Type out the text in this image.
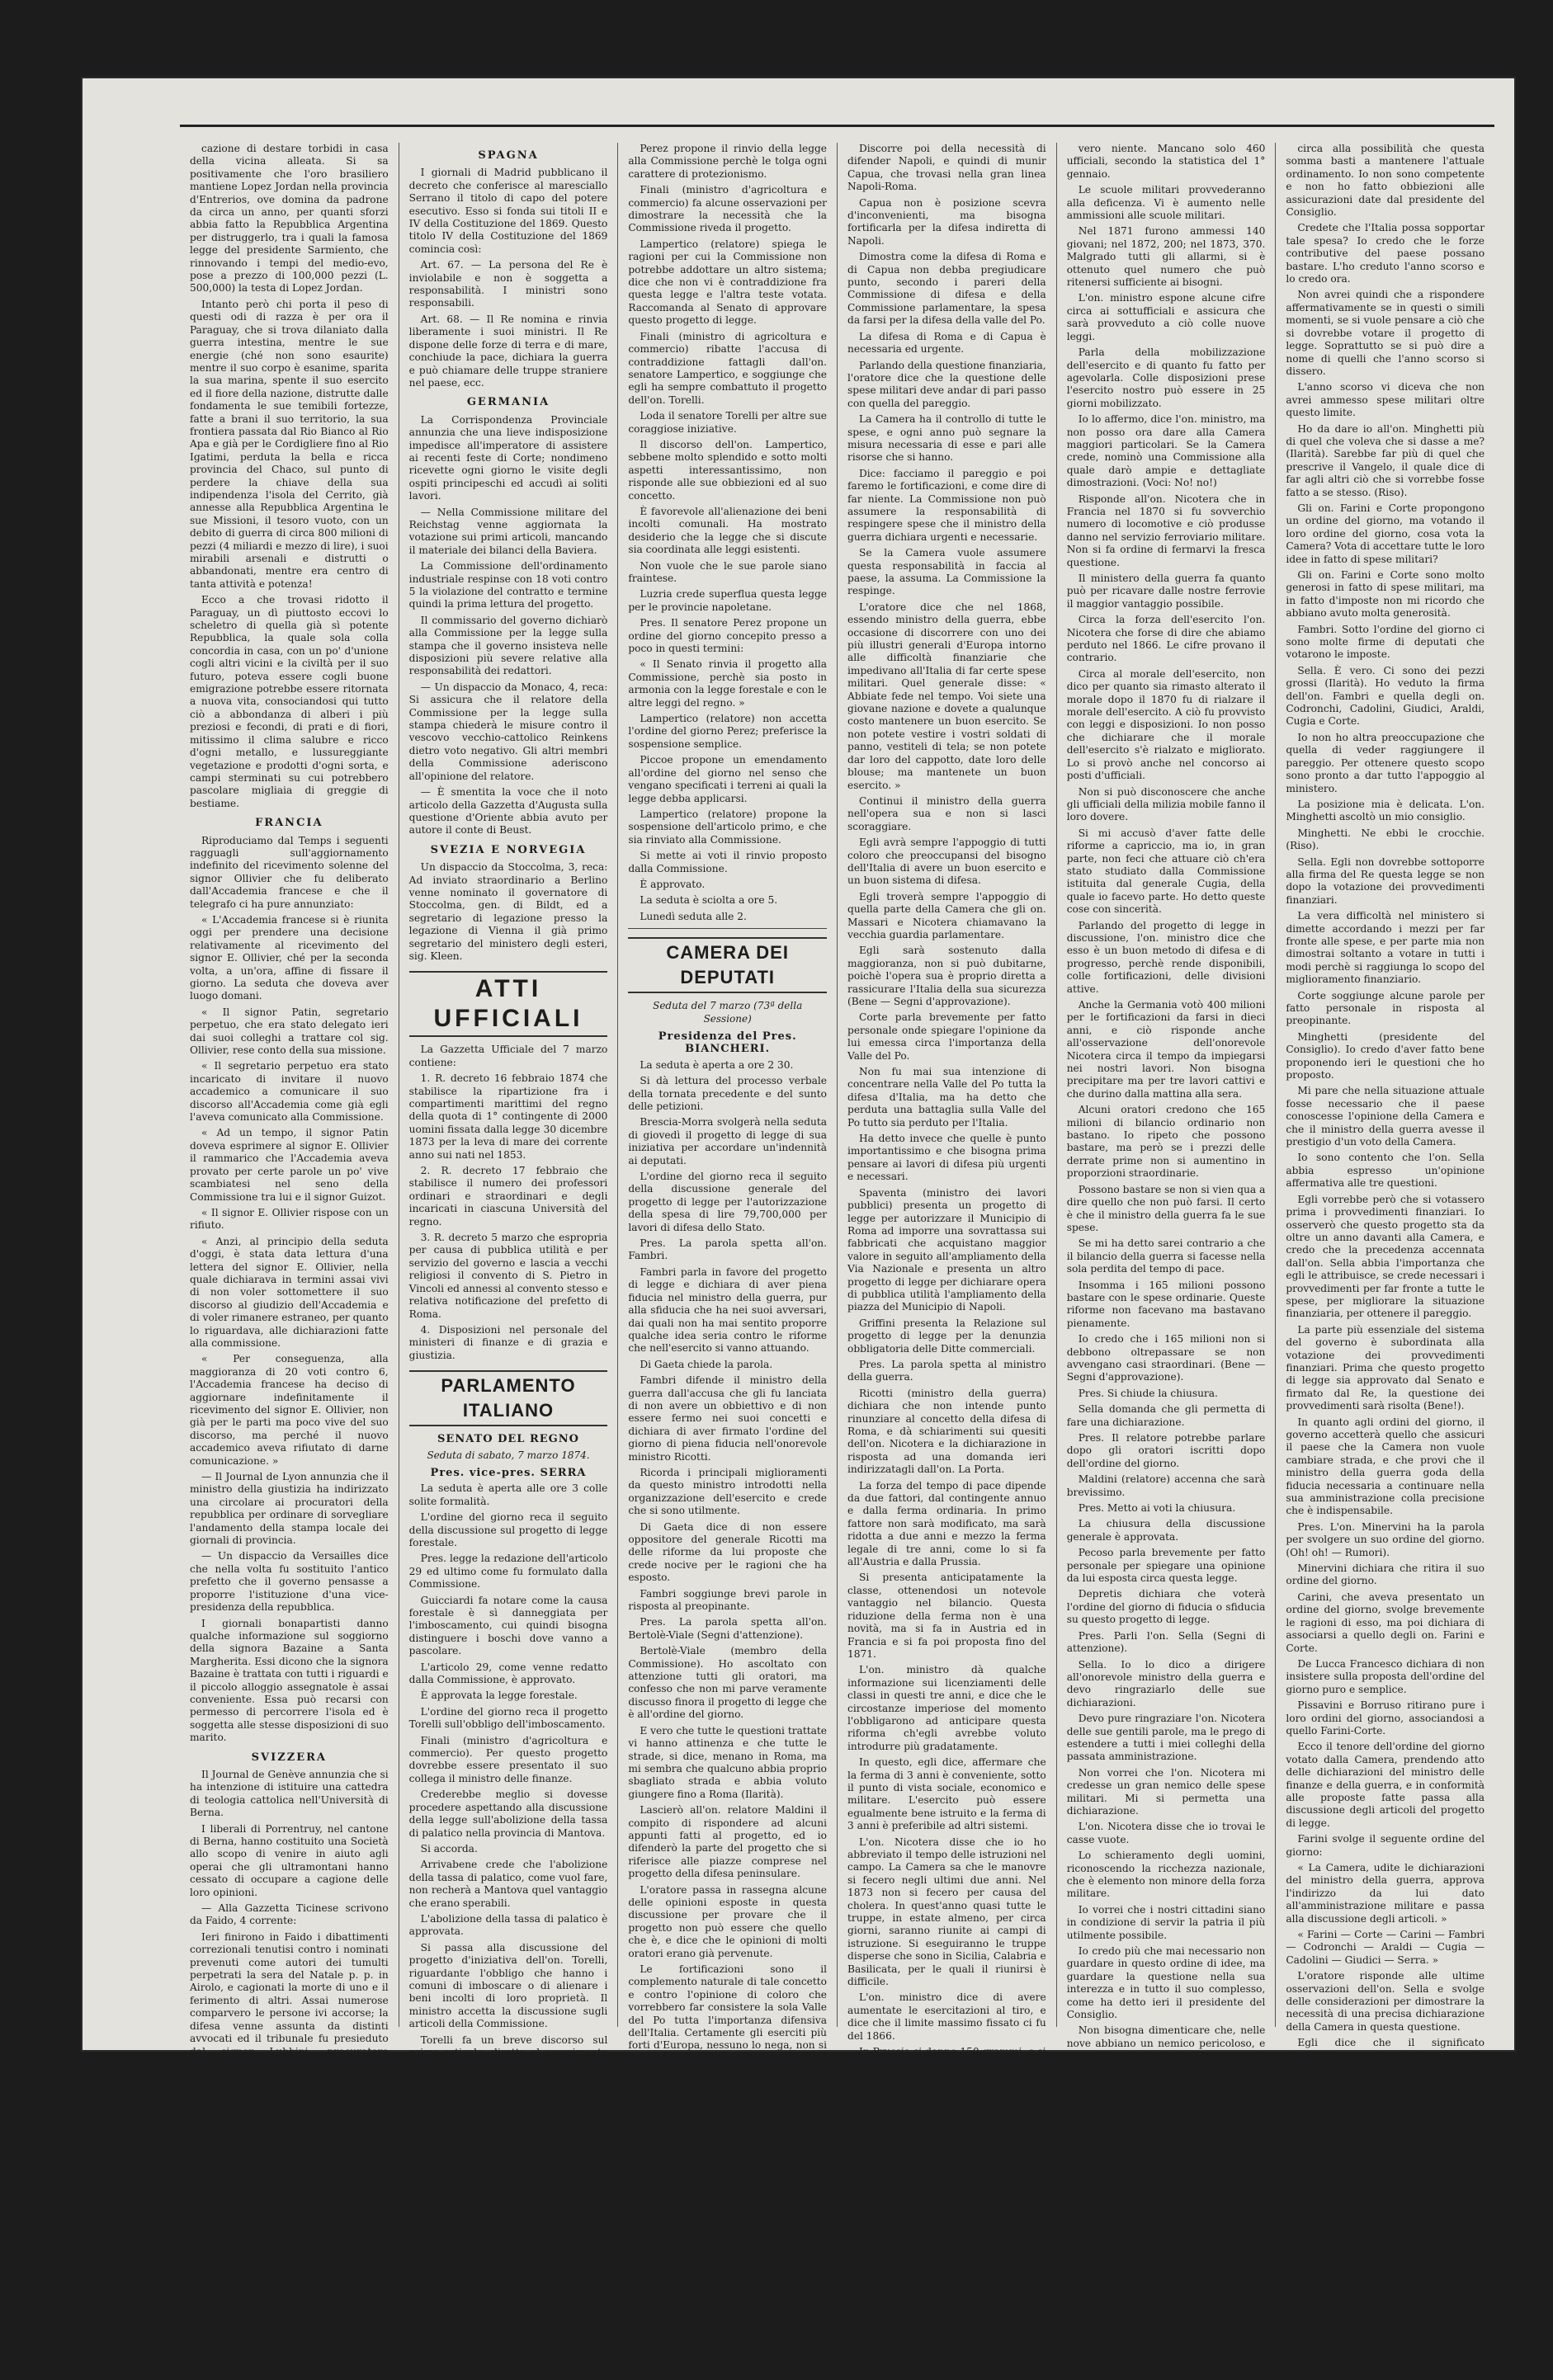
cazione di destare torbidi in casa della vicina alleata. Si sa positivamente che l'oro brasiliero mantiene Lopez Jordan nella provincia d'Entrerios, ove domina da padrone da circa un anno, per quanti sforzi abbia fatto la Repubblica Argentina per distruggerlo, tra i quali la famosa legge del presidente Sarmiento, che rinnovando i tempi del medio-evo, pose a prezzo di 100,000 pezzi (L. 500,000) la testa di Lopez Jordan.

Intanto però chi porta il peso di questi odi di razza è per ora il Paraguay, che si trova dilaniato dalla guerra intestina, mentre le sue energie (ché non sono esaurite) mentre il suo corpo è esanime, sparita la sua marina, spente il suo esercito ed il fiore della nazione, distrutte dalle fondamenta le sue temibili fortezze, fatte a brani il suo territorio, la sua frontiera passata dal Rio Bianco al Rio Apa e già per le Cordigliere fino al Rio Igatimi, perduta la bella e ricca provincia del Chaco, sul punto di perdere la chiave della sua indipendenza l'isola del Cerrito, già annesse alla Repubblica Argentina le sue Missioni, il tesoro vuoto, con un debito di guerra di circa 800 milioni di pezzi (4 miliardi e mezzo di lire), i suoi mirabili arsenali e distrutti o abbandonati, mentre era centro di tanta attività e potenza!

Ecco a che trovasi ridotto il Paraguay, un dì piuttosto eccovi lo scheletro di quella già sì potente Repubblica, la quale sola colla concordia in casa, con un po' d'unione cogli altri vicini e la civiltà per il suo futuro, poteva essere cogli buone emigrazione potrebbe essere ritornata a nuova vita, consociandosi qui tutto ciò a abbondanza di alberi i più preziosi e fecondi, di prati e di fiori, mitissimo il clima salubre e ricco d'ogni metallo, e lussureggiante vegetazione e prodotti d'ogni sorta, e campi sterminati su cui potrebbero pascolare migliaia di greggie di bestiame.

FRANCIA

Riproduciamo dal Temps i seguenti ragguagli sull'aggiornamento indefinito del ricevimento solenne del signor Ollivier che fu deliberato dall'Accademia francese e che il telegrafo ci ha pure annunziato:

« L'Accademia francese si è riunita oggi per prendere una decisione relativamente al ricevimento del signor E. Ollivier, ché per la seconda volta, a un'ora, affine di fissare il giorno. La seduta che doveva aver luogo domani.

« Il signor Patin, segretario perpetuo, che era stato delegato ieri dai suoi colleghi a trattare col sig. Ollivier, rese conto della sua missione.

« Il segretario perpetuo era stato incaricato di invitare il nuovo accademico a comunicare il suo discorso all'Accademia come già egli l'aveva comunicato alla Commissione.

« Ad un tempo, il signor Patin doveva esprimere al signor E. Ollivier il rammarico che l'Accademia aveva provato per certe parole un po' vive scambiatesi nel seno della Commissione tra lui e il signor Guizot.

« Il signor E. Ollivier rispose con un rifiuto.

« Anzi, al principio della seduta d'oggi, è stata data lettura d'una lettera del signor E. Ollivier, nella quale dichiarava in termini assai vivi di non voler sottomettere il suo discorso al giudizio dell'Accademia e di voler rimanere estraneo, per quanto lo riguardava, alle dichiarazioni fatte alla commissione.

« Per conseguenza, alla maggioranza di 20 voti contro 6, l'Accademia francese ha deciso di aggiornare indefinitamente il ricevimento del signor E. Ollivier, non già per le parti ma poco vive del suo discorso, ma perché il nuovo accademico aveva rifiutato di darne comunicazione. »

— Il Journal de Lyon annunzia che il ministro della giustizia ha indirizzato una circolare ai procuratori della repubblica per ordinare di sorvegliare l'andamento della stampa locale dei giornali di provincia.

— Un dispaccio da Versailles dice che nella volta fu sostituito l'antico prefetto che il governo pensasse a proporre l'istituzione d'una vice-presidenza della repubblica.

I giornali bonapartisti danno qualche informazione sul soggiorno della signora Bazaine a Santa Margherita. Essi dicono che la signora Bazaine è trattata con tutti i riguardi e il piccolo alloggio assegnatole è assai conveniente. Essa può recarsi con permesso di percorrere l'isola ed è soggetta alle stesse disposizioni di suo marito.

SVIZZERA

Il Journal de Genève annunzia che si ha intenzione di istituire una cattedra di teologia cattolica nell'Università di Berna.

I liberali di Porrentruy, nel cantone di Berna, hanno costituito una Società allo scopo di venire in aiuto agli operai che gli ultramontani hanno cessato di occupare a cagione delle loro opinioni.

— Alla Gazzetta Ticinese scrivono da Faido, 4 corrente:

Ieri finirono in Faido i dibattimenti correzionali tenutisi contro i nominati prevenuti come autori dei tumulti perpetrati la sera del Natale p. p. in Airolo, e cagionati la morte di uno e il ferimento di altri. Assai numerose comparvero le persone ivi accorse; la difesa venne assunta da distinti avvocati ed il tribunale fu presieduto dal signor Lubbini, procuratore pubblico sostituto, e Cattaneo.

SPAGNA

I giornali di Madrid pubblicano il decreto che conferisce al maresciallo Serrano il titolo di capo del potere esecutivo. Esso si fonda sui titoli II e IV della Costituzione del 1869. Questo titolo IV della Costituzione del 1869 comincia così:

Art. 67. — La persona del Re è inviolabile e non è soggetta a responsabilità. I ministri sono responsabili.

Art. 68. — Il Re nomina e rinvia liberamente i suoi ministri. Il Re dispone delle forze di terra e di mare, conchiude la pace, dichiara la guerra e può chiamare delle truppe straniere nel paese, ecc.

GERMANIA

La Corrispondenza Provinciale annunzia che una lieve indisposizione impedisce all'imperatore di assistere ai recenti feste di Corte; nondimeno ricevette ogni giorno le visite degli ospiti principeschi ed accudì ai soliti lavori.

— Nella Commissione militare del Reichstag venne aggiornata la votazione sui primi articoli, mancando il materiale dei bilanci della Baviera.

La Commissione dell'ordinamento industriale respinse con 18 voti contro 5 la violazione del contratto e termine quindi la prima lettura del progetto.

Il commissario del governo dichiarò alla Commissione per la legge sulla stampa che il governo insisteva nelle disposizioni più severe relative alla responsabilità dei redattori.

— Un dispaccio da Monaco, 4, reca: Si assicura che il relatore della Commissione per la legge sulla stampa chiederà le misure contro il vescovo vecchio-cattolico Reinkens dietro voto negativo. Gli altri membri della Commissione aderiscono all'opinione del relatore.

— È smentita la voce che il noto articolo della Gazzetta d'Augusta sulla questione d'Oriente abbia avuto per autore il conte di Beust.

SVEZIA E NORVEGIA

Un dispaccio da Stoccolma, 3, reca: Ad inviato straordinario a Berlino venne nominato il governatore di Stoccolma, gen. di Bildt, ed a segretario di legazione presso la legazione di Vienna il già primo segretario del ministero degli esteri, sig. Kleen.

ATTI UFFICIALI

La Gazzetta Ufficiale del 7 marzo contiene:

1. R. decreto 16 febbraio 1874 che stabilisce la ripartizione fra i compartimenti marittimi del regno della quota di 1° contingente di 2000 uomini fissata dalla legge 30 dicembre 1873 per la leva di mare dei corrente anno sui nati nel 1853.

2. R. decreto 17 febbraio che stabilisce il numero dei professori ordinari e straordinari e degli incaricati in ciascuna Università del regno.

3. R. decreto 5 marzo che espropria per causa di pubblica utilità e per servizio del governo e lascia a vecchi religiosi il convento di S. Pietro in Vincoli ed annessi al convento stesso e relativa notificazione del prefetto di Roma.

4. Disposizioni nel personale del ministeri di finanze e di grazia e giustizia.

PARLAMENTO ITALIANO
SENATO DEL REGNO
Seduta di sabato, 7 marzo 1874.
Pres. vice-pres. SERRA

La seduta è aperta alle ore 3 colle solite formalità.

L'ordine del giorno reca il seguito della discussione sul progetto di legge forestale.

Pres. legge la redazione dell'articolo 29 ed ultimo come fu formulato dalla Commissione.

Guicciardi fa notare come la causa forestale è sì danneggiata per l'imboscamento, cui quindi bisogna distinguere i boschi dove vanno a pascolare.

L'articolo 29, come venne redatto dalla Commissione, è approvato.

È approvata la legge forestale.

L'ordine del giorno reca il progetto Torelli sull'obbligo dell'imboscamento.

Finali (ministro d'agricoltura e commercio). Per questo progetto dovrebbe essere presentato il suo collega il ministro delle finanze.

Crederebbe meglio si dovesse procedere aspettando alla discussione della legge sull'abolizione della tassa di palatico nella provincia di Mantova.

Si accorda.

Arrivabene crede che l'abolizione della tassa di palatico, come vuol fare, non recherà a Mantova quel vantaggio che erano sperabili.

L'abolizione della tassa di palatico è approvata.

Si passa alla discussione del progetto d'iniziativa dell'on. Torelli, riguardante l'obbligo che hanno i comuni di imboscare o di alienare i beni incolti di loro proprietà. Il ministro accetta la discussione sugli articoli della Commissione.

Torelli fa un breve discorso sul primo articolo, diretto al compimento dell'imboscare.

Lampertico (relatore). I comuni, riguardo ai loro beni, hanno una legge che dice; questi beni sono incolti per tre quarti; per le varie coltivazioni per vendere i più utili.

Perez desidera che in questo articolo venisse richiamata la legge forestale teste approvata, onde si mostri la necessità della limitazione della proprietà, se per l'oratore, per impedire le inondazioni, ma non si dovranno esse legare i comuni che non abbiano voluto la coltura, ne la qualità della coltura.

Torelli combatte l'asserzione di Perez che in ciò non si tratti della coltura.

Perez propone il rinvio della legge alla Commissione perchè le tolga ogni carattere di protezionismo.

Finali (ministro d'agricoltura e commercio) fa alcune osservazioni per dimostrare la necessità che la Commissione riveda il progetto.

Lampertico (relatore) spiega le ragioni per cui la Commissione non potrebbe addottare un altro sistema; dice che non vi è contraddizione fra questa legge e l'altra teste votata. Raccomanda al Senato di approvare questo progetto di legge.

Finali (ministro di agricoltura e commercio) ribatte l'accusa di contraddizione fattagli dall'on. senatore Lampertico, e soggiunge che egli ha sempre combattuto il progetto dell'on. Torelli.

Loda il senatore Torelli per altre sue coraggiose iniziative.

Il discorso dell'on. Lampertico, sebbene molto splendido e sotto molti aspetti interessantissimo, non risponde alle sue obbiezioni ed al suo concetto.

È favorevole all'alienazione dei beni incolti comunali. Ha mostrato desiderio che la legge che si discute sia coordinata alle leggi esistenti.

Non vuole che le sue parole siano fraintese.

Luzria crede superflua questa legge per le provincie napoletane.

Pres. Il senatore Perez propone un ordine del giorno concepito presso a poco in questi termini:

« Il Senato rinvia il progetto alla Commissione, perchè sia posto in armonia con la legge forestale e con le altre leggi del regno. »

Lampertico (relatore) non accetta l'ordine del giorno Perez; preferisce la sospensione semplice.

Piccoe propone un emendamento all'ordine del giorno nel senso che vengano specificati i terreni ai quali la legge debba applicarsi.

Lampertico (relatore) propone la sospensione dell'articolo primo, e che sia rinviato alla Commissione.

Si mette ai voti il rinvio proposto dalla Commissione.

È approvato.

La seduta è sciolta a ore 5.

Lunedì seduta alle 2.

CAMERA DEI DEPUTATI
Seduta del 7 marzo (73ª della Sessione)
Presidenza del Pres. BIANCHERI.

La seduta è aperta a ore 2 30.

Si dà lettura del processo verbale della tornata precedente e del sunto delle petizioni.

Brescia-Morra svolgerà nella seduta di giovedì il progetto di legge di sua iniziativa per accordare un'indennità ai deputati.

L'ordine del giorno reca il seguito della discussione generale del progetto di legge per l'autorizzazione della spesa di lire 79,700,000 per lavori di difesa dello Stato.

Pres. La parola spetta all'on. Fambri.

Fambri parla in favore del progetto di legge e dichiara di aver piena fiducia nel ministro della guerra, pur alla sfiducia che ha nei suoi avversari, dai quali non ha mai sentito proporre qualche idea seria contro le riforme che nell'esercito si vanno attuando.

Di Gaeta chiede la parola.

Fambri difende il ministro della guerra dall'accusa che gli fu lanciata di non avere un obbiettivo e di non essere fermo nei suoi concetti e dichiara di aver firmato l'ordine del giorno di piena fiducia nell'onorevole ministro Ricotti.

Ricorda i principali miglioramenti da questo ministro introdotti nella organizzazione dell'esercito e crede che si sono utilmente.

Di Gaeta dice di non essere oppositore del generale Ricotti ma delle riforme da lui proposte che crede nocive per le ragioni che ha esposto.

Fambri soggiunge brevi parole in risposta al preopinante.

Pres. La parola spetta all'on. Bertolè-Viale (Segni d'attenzione).

Bertolè-Viale (membro della Commissione). Ho ascoltato con attenzione tutti gli oratori, ma confesso che non mi parve veramente discusso finora il progetto di legge che è all'ordine del giorno.

E vero che tutte le questioni trattate vi hanno attinenza e che tutte le strade, si dice, menano in Roma, ma mi sembra che qualcuno abbia proprio sbagliato strada e abbia voluto giungere fino a Roma (Ilarità).

Lascierò all'on. relatore Maldini il compito di rispondere ad alcuni appunti fatti al progetto, ed io difenderò la parte del progetto che si riferisce alle piazze comprese nel progetto della difesa peninsulare.

L'oratore passa in rassegna alcune delle opinioni esposte in questa discussione per provare che il progetto non può essere che quello che è, e dice che le opinioni di molti oratori erano già pervenute.

Le fortificazioni sono il complemento naturale di tale concetto e contro l'opinione di coloro che vorrebbero far consistere la sola Valle del Po tutta l'importanza difensiva dell'Italia. Certamente gli eserciti più forti d'Europa, nessuno lo nega, non si sono mai ritirati senza essere stati sconfitti nella Valle del Po, ma non si può anche ignorare che perduta una battaglia nella Valle del Po, l'Italia non sarebbe perduta e le altre parti e trovar in altri punti centri di difesa e d'offesa.

L'oratore parla della grande influenza che ha la capitale sopra gli Stati in caso di guerra, cita in appoggio delle sue ragioni fatti che sono esposte.

Discorre poi della necessità di difender Napoli, e quindi di munir Capua, che trovasi nella gran linea Napoli-Roma.

Capua non è posizione scevra d'inconvenienti, ma bisogna fortificarla per la difesa indiretta di Napoli.

Dimostra come la difesa di Roma e di Capua non debba pregiudicare punto, secondo i pareri della Commissione di difesa e della Commissione parlamentare, la spesa da farsi per la difesa della valle del Po.

La difesa di Roma e di Capua è necessaria ed urgente.

Parlando della questione finanziaria, l'oratore dice che la questione delle spese militari deve andar di pari passo con quella del pareggio.

La Camera ha il controllo di tutte le spese, e ogni anno può segnare la misura necessaria di esse e pari alle risorse che si hanno.

Dice: facciamo il pareggio e poi faremo le fortificazioni, e come dire di far niente. La Commissione non può assumere la responsabilità di respingere spese che il ministro della guerra dichiara urgenti e necessarie.

Se la Camera vuole assumere questa responsabilità in faccia al paese, la assuma. La Commissione la respinge.

L'oratore dice che nel 1868, essendo ministro della guerra, ebbe occasione di discorrere con uno dei più illustri generali d'Europa intorno alle difficoltà finanziarie che impedivano all'Italia di far certe spese militari. Quel generale disse: « Abbiate fede nel tempo. Voi siete una giovane nazione e dovete a qualunque costo mantenere un buon esercito. Se non potete vestire i vostri soldati di panno, vestiteli di tela; se non potete dar loro del cappotto, date loro delle blouse; ma mantenete un buon esercito. »

Continui il ministro della guerra nell'opera sua e non si lasci scoraggiare.

Egli avrà sempre l'appoggio di tutti coloro che preoccupansi del bisogno dell'Italia di avere un buon esercito e un buon sistema di difesa.

Egli troverà sempre l'appoggio di quella parte della Camera che gli on. Massari e Nicotera chiamavano la vecchia guardia parlamentare.

Egli sarà sostenuto dalla maggioranza, non si può dubitarne, poichè l'opera sua è proprio diretta a rassicurare l'Italia della sua sicurezza (Bene — Segni d'approvazione).

Corte parla brevemente per fatto personale onde spiegare l'opinione da lui emessa circa l'importanza della Valle del Po.

Non fu mai sua intenzione di concentrare nella Valle del Po tutta la difesa d'Italia, ma ha detto che perduta una battaglia sulla Valle del Po tutto sia perduto per l'Italia.

Ha detto invece che quelle è punto importantissimo e che bisogna prima pensare ai lavori di difesa più urgenti e necessari.

Spaventa (ministro dei lavori pubblici) presenta un progetto di legge per autorizzare il Municipio di Roma ad imporre una sovrattassa sui fabbricati che acquistano maggior valore in seguito all'ampliamento della Via Nazionale e presenta un altro progetto di legge per dichiarare opera di pubblica utilità l'ampliamento della piazza del Municipio di Napoli.

Griffini presenta la Relazione sul progetto di legge per la denunzia obbligatoria delle Ditte commerciali.

Pres. La parola spetta al ministro della guerra.

Ricotti (ministro della guerra) dichiara che non intende punto rinunziare al concetto della difesa di Roma, e dà schiarimenti sui quesiti dell'on. Nicotera e la dichiarazione in risposta ad una domanda ieri indirizzatagli dall'on. La Porta.

La forza del tempo di pace dipende da due fattori, dal contingente annuo e dalla ferma ordinaria. In primo fattore non sarà modificato, ma sarà ridotta a due anni e mezzo la ferma legale di tre anni, come lo si fa all'Austria e dalla Prussia.

Si presenta anticipatamente la classe, ottenendosi un notevole vantaggio nel bilancio. Questa riduzione della ferma non è una novità, ma si fa in Austria ed in Francia e si fa poi proposta fino del 1871.

L'on. ministro dà qualche informazione sui licenziamenti delle classi in questi tre anni, e dice che le circostanze imperiose del momento l'obbligarono ad anticipare questa riforma ch'egli avrebbe voluto introdurre più gradatamente.

In questo, egli dice, affermare che la ferma di 3 anni è conveniente, sotto il punto di vista sociale, economico e militare. L'esercito può essere egualmente bene istruito e la ferma di 3 anni è preferibile ad altri sistemi.

L'on. Nicotera disse che io ho abbreviato il tempo delle istruzioni nel campo. La Camera sa che le manovre si fecero negli ultimi due anni. Nel 1873 non si fecero per causa del cholera. In quest'anno quasi tutte le truppe, in estate almeno, per circa giorni, saranno riunite ai campi di istruzione. Si eseguiranno le truppe disperse che sono in Sicilia, Calabria e Basilicata, per le quali il riunirsi è difficile.

L'on. ministro dice di avere aumentate le esercitazioni al tiro, e dice che il limite massimo fissato ci fu del 1866.

In Prussia si danno 150 grammi, e si raggiunse sufficienti. Perchè non si ritenessero sufficienti 180 in Italia?

Qualche reggimento aveva ecceduto il limite fino a 200, e fu richiamato alla regola legale.

Ecco tutto ciò che fu fatto e che diede luogo all'osservazione dell'onorevole Nicotera.

L'on. ministro assicura l'on. La Porta che i nostri quadri sono sufficienti, e sono i migliori che possiamo avere.

L'oratore parla delle mutate condizioni della difesa peninsulare, fra le quali come gli avversari hanno sostenuto che nessuno di loro crede dover essere un sistema difensivo tale che possa essere mai sorpreso completamente che in caso che le forze nemiche attacchino la Valle del Po a Capua e non ci sia più la frontiera.

Vi sono delle voci, sorsero dei dubbi.

vero niente. Mancano solo 460 ufficiali, secondo la statistica del 1° gennaio.

Le scuole militari provvederanno alla deficenza. Vi è aumento nelle ammissioni alle scuole militari.

Nel 1871 furono ammessi 140 giovani; nel 1872, 200; nel 1873, 370. Malgrado tutti gli allarmi, si è ottenuto quel numero che può ritenersi sufficiente ai bisogni.

L'on. ministro espone alcune cifre circa ai sottufficiali e assicura che sarà provveduto a ciò colle nuove leggi.

Parla della mobilizzazione dell'esercito e di quanto fu fatto per agevolarla. Colle disposizioni prese l'esercito nostro può essere in 25 giorni mobilizzato.

Io lo affermo, dice l'on. ministro, ma non posso ora dare alla Camera maggiori particolari. Se la Camera crede, nominò una Commissione alla quale darò ampie e dettagliate dimostrazioni. (Voci: No! no!)

Risponde all'on. Nicotera che in Francia nel 1870 si fu sovverchio numero di locomotive e ciò produsse danno nel servizio ferroviario militare. Non si fa ordine di fermarvi la fresca questione.

Il ministero della guerra fa quanto può per ricavare dalle nostre ferrovie il maggior vantaggio possibile.

Circa la forza dell'esercito l'on. Nicotera che forse di dire che abiamo perduto nel 1866. Le cifre provano il contrario.

Circa al morale dell'esercito, non dico per quanto sia rimasto alterato il morale dopo il 1870 fu di rialzare il morale dell'esercito. A ciò fu provvisto con leggi e disposizioni. Io non posso che dichiarare che il morale dell'esercito s'è rialzato e migliorato. Lo si provò anche nel concorso ai posti d'ufficiali.

Non si può disconoscere che anche gli ufficiali della milizia mobile fanno il loro dovere.

Si mi accusò d'aver fatte delle riforme a capriccio, ma io, in gran parte, non feci che attuare ciò ch'era stato studiato dalla Commissione istituita dal generale Cugia, della quale io facevo parte. Ho detto queste cose con sincerità.

Parlando del progetto di legge in discussione, l'on. ministro dice che esso è un buon metodo di difesa e di progresso, perchè rende disponibili, colle fortificazioni, delle divisioni attive.

Anche la Germania votò 400 milioni per le fortificazioni da farsi in dieci anni, e ciò risponde anche all'osservazione dell'onorevole Nicotera circa il tempo da impiegarsi nei nostri lavori. Non bisogna precipitare ma per tre lavori cattivi e che durino dalla mattina alla sera.

Alcuni oratori credono che 165 milioni di bilancio ordinario non bastano. Io ripeto che possono bastare, ma però se i prezzi delle derrate prime non si aumentino in proporzioni straordinarie.

Possono bastare se non si vien qua a dire quello che non può farsi. Il certo è che il ministro della guerra fa le sue spese.

Se mi ha detto sarei contrario a che il bilancio della guerra si facesse nella sola perdita del tempo di pace.

Insomma i 165 milioni possono bastare con le spese ordinarie. Queste riforme non facevano ma bastavano pienamente.

Io credo che i 165 milioni non si debbono oltrepassare se non avvengano casi straordinari. (Bene — Segni d'approvazione).

Pres. Si chiude la chiusura.

Sella domanda che gli permetta di fare una dichiarazione.

Pres. Il relatore potrebbe parlare dopo gli oratori iscritti dopo dell'ordine del giorno.

Maldini (relatore) accenna che sarà brevissimo.

Pres. Metto ai voti la chiusura.

La chiusura della discussione generale è approvata.

Pecoso parla brevemente per fatto personale per spiegare una opinione da lui esposta circa questa legge.

Depretis dichiara che voterà l'ordine del giorno di fiducia o sfiducia su questo progetto di legge.

Pres. Parli l'on. Sella (Segni di attenzione).

Sella. Io lo dico a dirigere all'onorevole ministro della guerra e devo ringraziarlo delle sue dichiarazioni.

Devo pure ringraziare l'on. Nicotera delle sue gentili parole, ma le prego di estendere a tutti i miei colleghi della passata amministrazione.

Non vorrei che l'on. Nicotera mi credesse un gran nemico delle spese militari. Mi si permetta una dichiarazione.

L'on. Nicotera disse che io trovai le casse vuote.

Lo schieramento degli uomini, riconoscendo la ricchezza nazionale, che è elemento non minore della forza militare.

Io vorrei che i nostri cittadini siano in condizione di servir la patria il più utilmente possibile.

Io credo più che mai necessario non guardare in questo ordine di idee, ma guardare la questione nella sua interezza e in tutto il suo complesso, come ha detto ieri il presidente del Consiglio.

Non bisogna dimenticare che, nelle nove abbiano un nemico pericoloso, e che il germe della nostra finanza sta nelle condizioni economiche della popolazione. Bisogna tener d'occhio tutti i lati della questione.

Non dirò nulla del progetto di legge in discussione.

La questione si è allargata; si è fatta ampia. La questione fu posta nel modo più ampio dal presidente del Consiglio. Egli disse: il ministero vuole l'indirizzo dell'amministrazione militare?

Credete che l'Italia possa sopportare le spese militari oltre i 165 milioni? Io accetto le idee dell'on. Ricotti subordinatamente alla somma dei 165 milioni. Se si vuole rimanere in quei limiti io voterò per l'indirizzo del ministro della guerra.

Basteranno questi 165 milioni? Ecco un'altra questione.

circa alla possibilità che questa somma basti a mantenere l'attuale ordinamento. Io non sono competente e non ho fatto obbiezioni alle assicurazioni date dal presidente del Consiglio.

Credete che l'Italia possa sopportar tale spesa? Io credo che le forze contributive del paese possano bastare. L'ho creduto l'anno scorso e lo credo ora.

Non avrei quindi che a rispondere affermativamente se in questi o simili momenti, se si vuole pensare a ciò che si dovrebbe votare il progetto di legge. Soprattutto se si può dire a nome di quelli che l'anno scorso si dissero.

L'anno scorso vi diceva che non avrei ammesso spese militari oltre questo limite.

Ho da dare io all'on. Minghetti più di quel che voleva che si dasse a me? (Ilarità). Sarebbe far più di quel che prescrive il Vangelo, il quale dice di far agli altri ciò che si vorrebbe fosse fatto a se stesso. (Riso).

Gli on. Farini e Corte propongono un ordine del giorno, ma votando il loro ordine del giorno, cosa vota la Camera? Vota di accettare tutte le loro idee in fatto di spese militari?

Gli on. Farini e Corte sono molto generosi in fatto di spese militari, ma in fatto d'imposte non mi ricordo che abbiano avuto molta generosità.

Fambri. Sotto l'ordine del giorno ci sono molte firme di deputati che votarono le imposte.

Sella. È vero. Ci sono dei pezzi grossi (Ilarità). Ho veduto la firma dell'on. Fambri e quella degli on. Codronchi, Cadolini, Giudici, Araldi, Cugia e Corte.

Io non ho altra preoccupazione che quella di veder raggiungere il pareggio. Per ottenere questo scopo sono pronto a dar tutto l'appoggio al ministero.

La posizione mia è delicata. L'on. Minghetti ascoltò un mio consiglio.

Minghetti. Ne ebbi le crocchie. (Riso).

Sella. Egli non dovrebbe sottoporre alla firma del Re questa legge se non dopo la votazione dei provvedimenti finanziari.

La vera difficoltà nel ministero si dimette accordando i mezzi per far fronte alle spese, e per parte mia non dimostrai soltanto a votare in tutti i modi perchè si raggiunga lo scopo del miglioramento finanziario.

Corte soggiunge alcune parole per fatto personale in risposta al preopinante.

Minghetti (presidente del Consiglio). Io credo d'aver fatto bene proponendo ieri le questioni che ho proposto.

Mi pare che nella situazione attuale fosse necessario che il paese conoscesse l'opinione della Camera e che il ministro della guerra avesse il prestigio d'un voto della Camera.

Io sono contento che l'on. Sella abbia espresso un'opinione affermativa alle tre questioni.

Egli vorrebbe però che si votassero prima i provvedimenti finanziari. Io osserverò che questo progetto sta da oltre un anno davanti alla Camera, e credo che la precedenza accennata dall'on. Sella abbia l'importanza che egli le attribuisce, se crede necessari i provvedimenti per far fronte a tutte le spese, per migliorare la situazione finanziaria, per ottenere il pareggio.

La parte più essenziale del sistema del governo è subordinata alla votazione dei provvedimenti finanziari. Prima che questo progetto di legge sia approvato dal Senato e firmato dal Re, la questione dei provvedimenti sarà risolta (Bene!).

In quanto agli ordini del giorno, il governo accetterà quello che assicuri il paese che la Camera non vuole cambiare strada, e che provi che il ministro della guerra goda della fiducia necessaria a continuare nella sua amministrazione colla precisione che è indispensabile.

Pres. L'on. Minervini ha la parola per svolgere un suo ordine del giorno. (Oh! oh! — Rumori).

Minervini dichiara che ritira il suo ordine del giorno.

Carini, che aveva presentato un ordine del giorno, svolge brevemente le ragioni di esso, ma poi dichiara di associarsi a quello degli on. Farini e Corte.

De Lucca Francesco dichiara di non insistere sulla proposta dell'ordine del giorno puro e semplice.

Pissavini e Borruso ritirano pure i loro ordini del giorno, associandosi a quello Farini-Corte.

Ecco il tenore dell'ordine del giorno votato dalla Camera, prendendo atto delle dichiarazioni del ministro delle finanze e della guerra, e in conformità alle proposte fatte passa alla discussione degli articoli del progetto di legge.

Farini svolge il seguente ordine del giorno:

« La Camera, udite le dichiarazioni del ministro della guerra, approva l'indirizzo da lui dato all'amministrazione militare e passa alla discussione degli articoli. »

« Farini — Corte — Carini — Fambri — Codronchi — Araldi — Cugia — Cadolini — Giudici — Serra. »

L'oratore risponde alle ultime osservazioni dell'on. Sella e svolge delle considerazioni per dimostrare la necessità di una precisa dichiarazione della Camera in questa questione.

Egli dice che il significato dell'ordine del giorno è che la Camera esprima il suo giudizio sull'opera dell'on. Ricotti e sull'applicazione che egli ha fatto delle leggi votate dal Parlamento.

La questione non è politica e lo provano le firme sottoposte all'ordine del giorno. L'oratore dice d'aver votato anche l'aumento d'imposta sul sale, proposto dall'on. Sella.

Sella dichiara di non aver mai inteso connettere coll'idea del lusso le stato del nostro esercito.

Sarebbe stata un'ironia.

Minghetti dichiara che il ministero non può e non vuole accettare l'ordine del giorno Farini-Corte.

Non è un voto politico di fiducia nel ministero, ma un voto che significa che la Camera intende che il ministero
